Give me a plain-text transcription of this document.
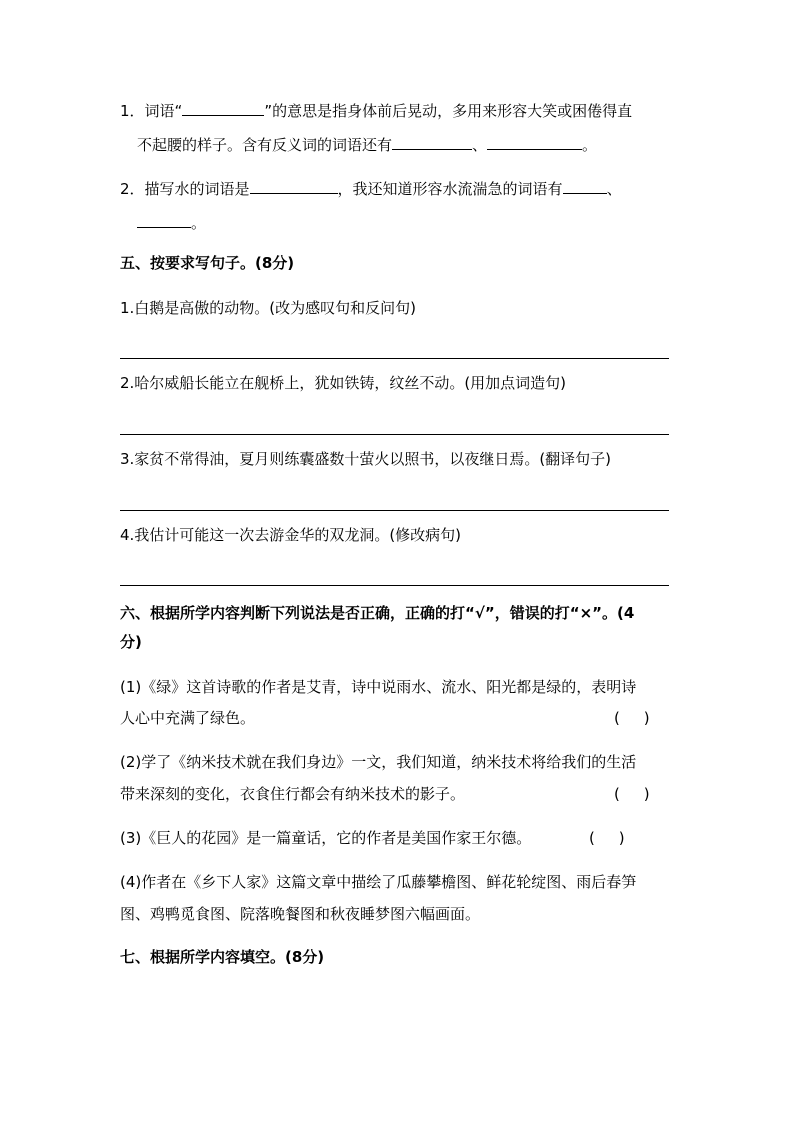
1．词语“	”的意思是指身体前后晃动，多用来形容大笑或困倦得直
不起腰的样子。含有反义词的词语还有	、	。
2．描写水的词语是	，我还知道形容水流湍急的词语有	、
。
五、按要求写句子。(8分)
1.白鹅是高傲的动物。(改为感叹句和反问句)
2.哈尔威船长能立在舰桥上，犹如铁铸，纹丝不动。(用加点词造句)
3.家贫不常得油，夏月则练囊盛数十萤火以照书，以夜继日焉。(翻译句子)
4.我估计可能这一次去游金华的双龙洞。(修改病句)
六、根据所学内容判断下列说法是否正确，正确的打“√”，错误的打“×”。(4
分)
(1)《绿》这首诗歌的作者是艾青，诗中说雨水、流水、阳光都是绿的，表明诗
人心中充满了绿色。	(     )
(2)学了《纳米技术就在我们身边》一文，我们知道，纳米技术将给我们的生活
带来深刻的变化，衣食住行都会有纳米技术的影子。	(     )
(3)《巨人的花园》是一篇童话，它的作者是美国作家王尔德。	(     )
(4)作者在《乡下人家》这篇文章中描绘了瓜藤攀檐图、鲜花轮绽图、雨后春笋
图、鸡鸭觅食图、院落晚餐图和秋夜睡梦图六幅画面。
七、根据所学内容填空。(8分)
